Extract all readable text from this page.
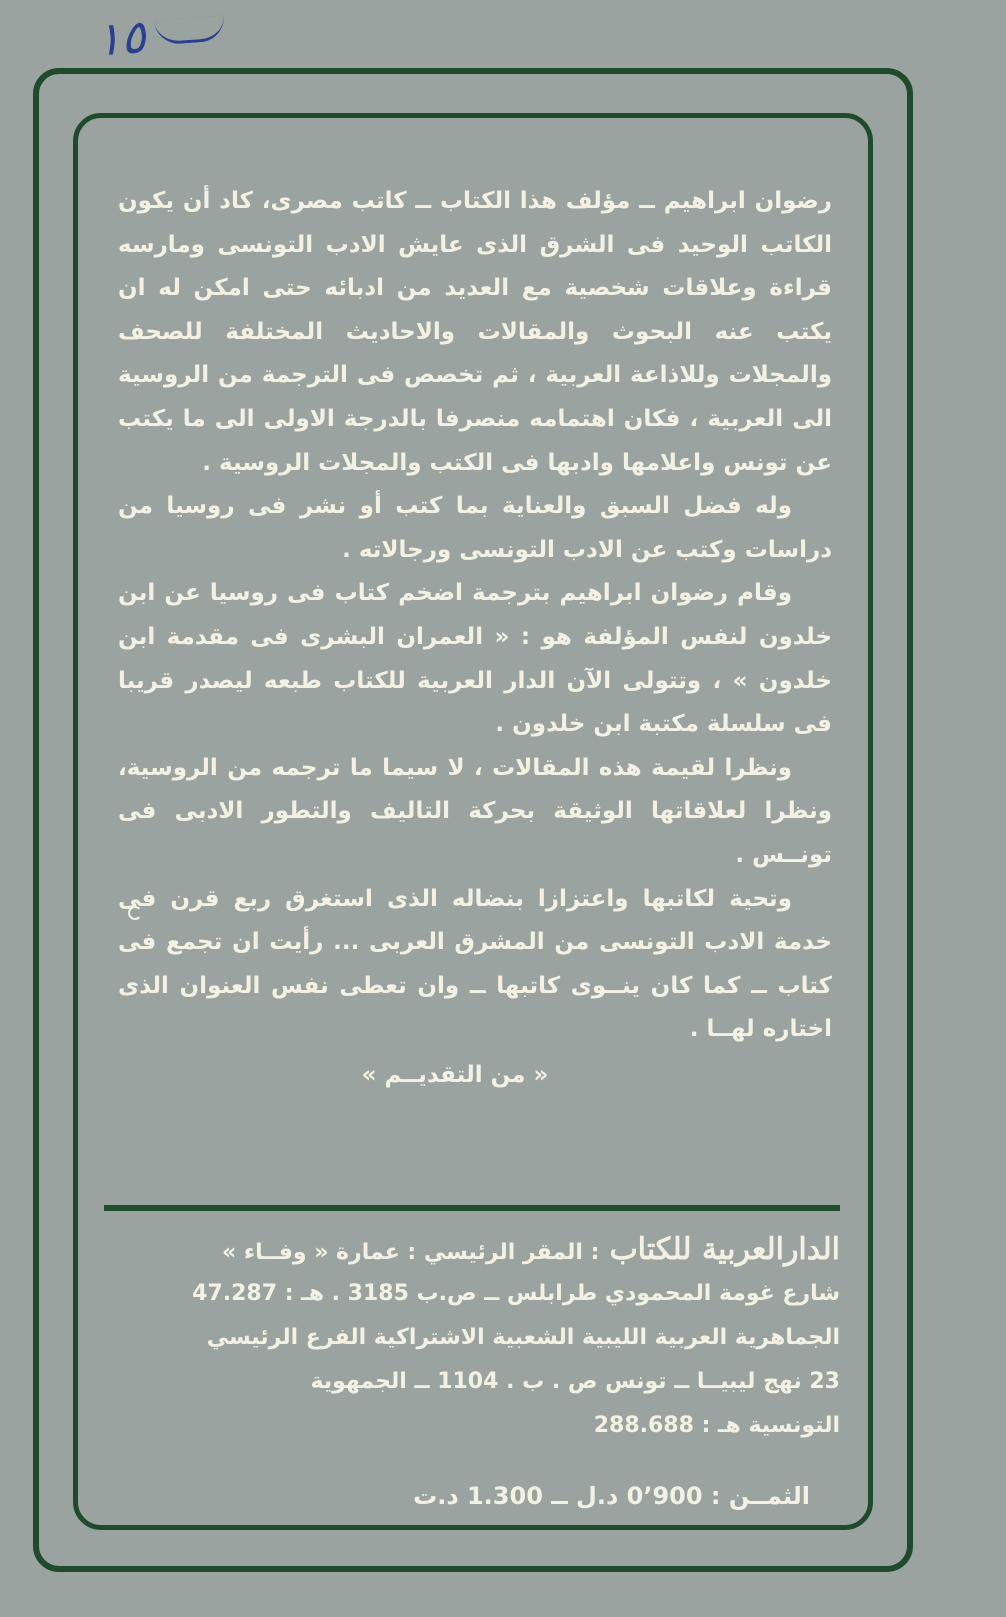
١٥

رضوان ابراهيم ــ مؤلف هذا الكتاب ــ كاتب مصرى، كاد أن يكون الكاتب الوحيد فى الشرق الذى عايش الادب التونسى ومارسه قراءة وعلاقات شخصية مع العديد من ادبائه حتى امكن له ان يكتب عنه البحوث والمقالات والاحاديث المختلفة للصحف والمجلات وللاذاعة العربية ، ثم تخصص فى الترجمة من الروسية الى العربية ، فكان اهتمامه منصرفا بالدرجة الاولى الى ما يكتب عن تونس واعلامها وادبها فى الكتب والمجلات الروسية .

وله فضل السبق والعناية بما كتب أو نشر فى روسيا من دراسات وكتب عن الادب التونسى ورجالاته .

وقام رضوان ابراهيم بترجمة اضخم كتاب فى روسيا عن ابن خلدون لنفس المؤلفة هو : « العمران البشرى فى مقدمة ابن خلدون » ، وتتولى الآن الدار العربية للكتاب طبعه ليصدر قريبا فى سلسلة مكتبة ابن خلدون .

ونظرا لقيمة هذه المقالات ، لا سيما ما ترجمه من الروسية، ونظرا لعلاقاتها الوثيقة بحركة التاليف والتطور الادبى فى تونــس .

وتحية لكاتبها واعتزازا بنضاله الذى استغرق ربع قرن فى خدمة الادب التونسى من المشرق العربى ... رأيت ان تجمع فى كتاب ــ كما كان ينــوى كاتبها ــ وان تعطى نفس العنوان الذى اختاره لهــا .

« من التقديــم »

الدارالعربية للكتاب: المقر الرئيسي : عمارة « وفــاء »
شارع غومة المحمودي طرابلس ــ ص.ب 3185 . هـ : 47.287
الجماهرية العربية الليبية الشعبية الاشتراكية الفرع الرئيسي
23 نهج ليبيــا ــ تونس ص . ب . 1104 ــ الجمهوية
التونسية هـ : 288.688
الثمــن : 0٬900 د.ل ــ 1.300 د.ت
